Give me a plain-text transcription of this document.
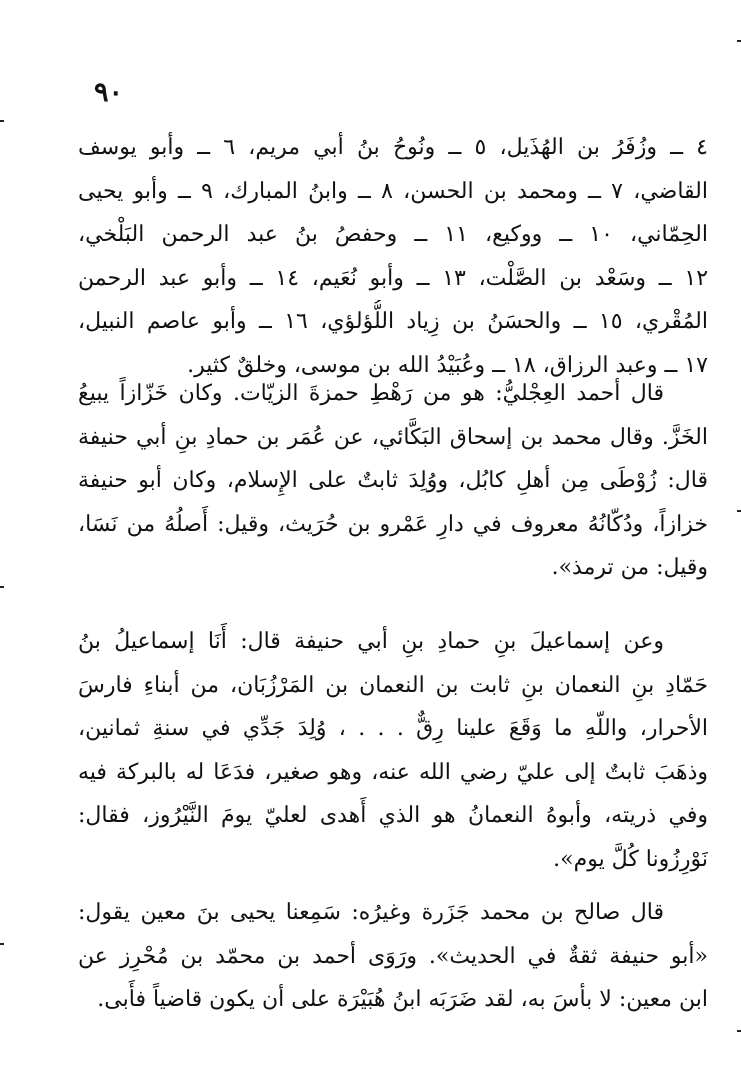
٩٠
٤ ــ وزُفَرُ بن الهُذَيل، ٥ ــ ونُوحُ بنُ أبي مريم، ٦ ــ وأبو يوسف
القاضي، ٧ ــ ومحمد بن الحسن، ٨ ــ وابنُ المبارك، ٩ ــ وأبو يحيى
الحِمّاني، ١٠ ــ ووكيع، ١١ ــ وحفصُ بنُ عبد الرحمن البَلْخي،
١٢ ــ وسَعْد بن الصَّلْت، ١٣ ــ وأبو نُعَيم، ١٤ ــ وأبو عبد الرحمن
المُقْري، ١٥ ــ والحسَنُ بن زِياد اللُّؤلؤي، ١٦ ــ وأبو عاصم النبيل،
١٧ ــ وعبد الرزاق، ١٨ ــ وعُبَيْدُ الله بن موسى، وخلقٌ كثير.
قال أحمد العِجْليُّ: هو من رَهْطِ حمزةَ الزيّات. وكان خَزّازاً يبيعُ
الخَزَّ. وقال محمد بن إسحاق البَكَّائي، عن عُمَر بن حمادِ بنِ أبي حنيفة
قال: زُوْطَى مِن أهلِ كابُل، ووُلِدَ ثابتٌ على الإِسلام، وكان أبو حنيفة
خزازاً، ودُكّانُهُ معروف في دارِ عَمْرو بن حُرَيث، وقيل: أَصلُهُ من نَسَا،
وقيل: من ترمذ».
وعن إسماعيلَ بنِ حمادِ بنِ أبي حنيفة قال: أَنَا إسماعيلُ بنُ
حَمّادِ بنِ النعمان بنِ ثابت بن النعمان بن المَرْزُبَان، من أبناءِ فارسَ
الأحرار، واللّهِ ما وَقَعَ علينا رِقٌّ . . . ، وُلِدَ جَدِّي في سنةِ ثمانين،
وذهَبَ ثابتٌ إلى عليّ رضي الله عنه، وهو صغير، فدَعَا له بالبركة فيه
وفي ذريته، وأبوهُ النعمانُ هو الذي أَهدى لعليّ يومَ النَّيْرُوز، فقال:
نَوْرِزُونا كُلَّ يوم».
قال صالح بن محمد جَزَرة وغيرُه: سَمِعنا يحيى بنَ معين يقول:
«أبو حنيفة ثقةٌ في الحديث». ورَوَى أحمد بن محمّد بن مُحْرِز عن
ابن معين: لا بأسَ به، لقد ضَرَبَه ابنُ هُبَيْرَة على أن يكون قاضياً فأَبى.
